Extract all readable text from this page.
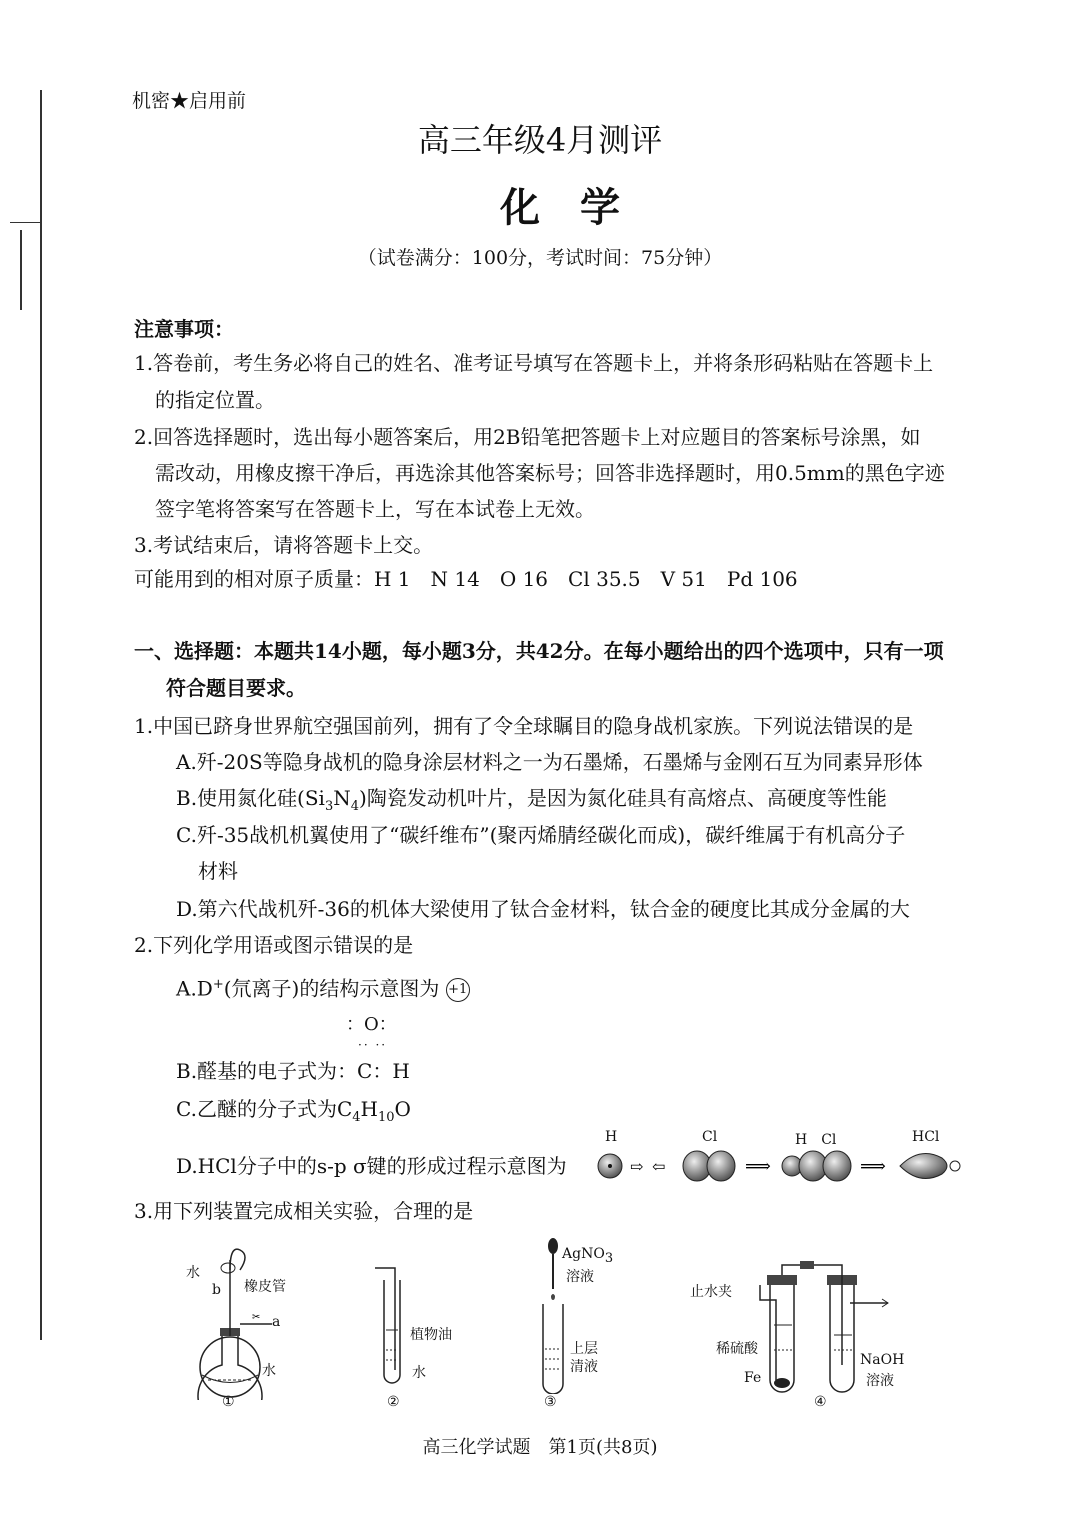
机密★启用前
高三年级4月测评
化学
（试卷满分：100分，考试时间：75分钟）
注意事项：
1.答卷前，考生务必将自己的姓名、准考证号填写在答题卡上，并将条形码粘贴在答题卡上
的指定位置。
2.回答选择题时，选出每小题答案后，用2B铅笔把答题卡上对应题目的答案标号涂黑，如
需改动，用橡皮擦干净后，再选涂其他答案标号；回答非选择题时，用0.5mm的黑色字迹
签字笔将答案写在答题卡上，写在本试卷上无效。
3.考试结束后，请将答题卡上交。
可能用到的相对原子质量：H 1　N 14　O 16　Cl 35.5　V 51　Pd 106
一、选择题：本题共14小题，每小题3分，共42分。在每小题给出的四个选项中，只有一项
符合题目要求。
1.中国已跻身世界航空强国前列，拥有了令全球瞩目的隐身战机家族。下列说法错误的是
A.歼-20S等隐身战机的隐身涂层材料之一为石墨烯，石墨烯与金刚石互为同素异形体
B.使用氮化硅$(Si_3N_4)$陶瓷发动机叶片，是因为氮化硅具有高熔点、高硬度等性能
C.歼-35战机机翼使用了“碳纤维布”(聚丙烯腈经碳化而成)，碳纤维属于有机高分子
材料
D.第六代战机歼-36的机体大梁使用了钛合金材料，钛合金的硬度比其成分金属的大
2.下列化学用语或图示错误的是
A.D+(氘离子)的结构示意图为 +1
：O：
·· ··
B.醛基的电子式为：C：H
C.乙醚的分子式为$C_4H_{10}O$
D.HCl分子中的s-p σ键的形成过程示意图为
H	Cl	H　Cl	HCl
⇨ ⇦	⟹	⟹
3.用下列装置完成相关实验，合理的是
✂
水
b 橡皮管
a
水
①
植物油
水
②
AgNO$_3$
溶液
上层
清液
③
止水夹
稀硫酸
Fe
NaOH
溶液
④
高三化学试题　第1页(共8页)
